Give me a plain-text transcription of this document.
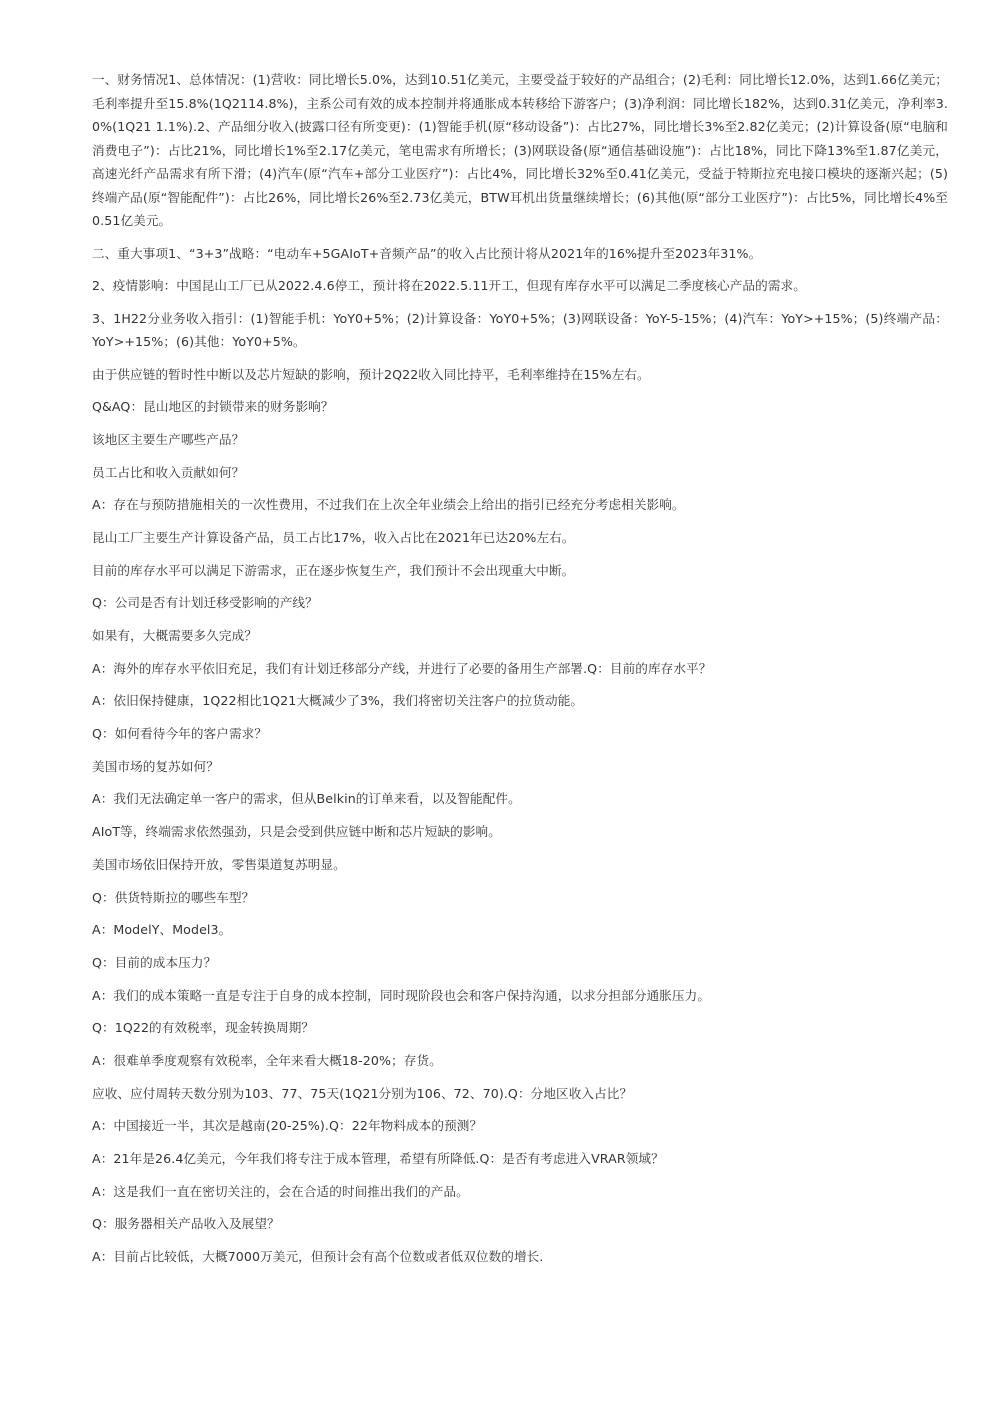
一、财务情况1、总体情况：(1)营收：同比增长5.0%，达到10.51亿美元，主要受益于较好的产品组合；(2)毛利：同比增长12.0%，达到1.66亿美元；毛利率提升至15.8%(1Q2114.8%)，主系公司有效的成本控制并将通胀成本转移给下游客户；(3)净利润：同比增长182%，达到0.31亿美元，净利率3.0%(1Q21 1.1%).2、产品细分收入(披露口径有所变更)：(1)智能手机(原“移动设备”)：占比27%，同比增长3%至2.82亿美元；(2)计算设备(原“电脑和消费电子”)：占比21%，同比增长1%至2.17亿美元，笔电需求有所增长；(3)网联设备(原“通信基础设施”)：占比18%，同比下降13%至1.87亿美元，高速光纤产品需求有所下滑；(4)汽车(原“汽车+部分工业医疗”)：占比4%，同比增长32%至0.41亿美元，受益于特斯拉充电接口模块的逐渐兴起；(5)终端产品(原“智能配件”)：占比26%，同比增长26%至2.73亿美元，BTW耳机出货量继续增长；(6)其他(原“部分工业医疗”)：占比5%，同比增长4%至0.51亿美元。

二、重大事项1、“3+3”战略：“电动车+5GAIoT+音频产品”的收入占比预计将从2021年的16%提升至2023年31%。

2、疫情影响：中国昆山工厂已从2022.4.6停工，预计将在2022.5.11开工，但现有库存水平可以满足二季度核心产品的需求。

3、1H22分业务收入指引：(1)智能手机：YoY0+5%；(2)计算设备：YoY0+5%；(3)网联设备：YoY-5-15%；(4)汽车：YoY>+15%；(5)终端产品：YoY>+15%；(6)其他：YoY0+5%。

由于供应链的暂时性中断以及芯片短缺的影响，预计2Q22收入同比持平，毛利率维持在15%左右。

Q&AQ：昆山地区的封锁带来的财务影响？

该地区主要生产哪些产品？

员工占比和收入贡献如何？

A：存在与预防措施相关的一次性费用，不过我们在上次全年业绩会上给出的指引已经充分考虑相关影响。

昆山工厂主要生产计算设备产品，员工占比17%，收入占比在2021年已达20%左右。

目前的库存水平可以满足下游需求，正在逐步恢复生产，我们预计不会出现重大中断。

Q：公司是否有计划迁移受影响的产线？

如果有，大概需要多久完成？

A：海外的库存水平依旧充足，我们有计划迁移部分产线，并进行了必要的备用生产部署.Q：目前的库存水平？

A：依旧保持健康，1Q22相比1Q21大概减少了3%，我们将密切关注客户的拉货动能。

Q：如何看待今年的客户需求？

美国市场的复苏如何？

A：我们无法确定单一客户的需求，但从Belkin的订单来看，以及智能配件。

AIoT等，终端需求依然强劲，只是会受到供应链中断和芯片短缺的影响。

美国市场依旧保持开放，零售渠道复苏明显。

Q：供货特斯拉的哪些车型？

A：ModelY、Model3。

Q：目前的成本压力？

A：我们的成本策略一直是专注于自身的成本控制，同时现阶段也会和客户保持沟通，以求分担部分通胀压力。

Q：1Q22的有效税率，现金转换周期？

A：很难单季度观察有效税率，全年来看大概18-20%；存货。

应收、应付周转天数分别为103、77、75天(1Q21分别为106、72、70).Q：分地区收入占比？

A：中国接近一半，其次是越南(20-25%).Q：22年物料成本的预测？

A：21年是26.4亿美元，今年我们将专注于成本管理，希望有所降低.Q：是否有考虑进入VRAR领域？

A：这是我们一直在密切关注的，会在合适的时间推出我们的产品。

Q：服务器相关产品收入及展望？

A：目前占比较低，大概7000万美元，但预计会有高个位数或者低双位数的增长.
